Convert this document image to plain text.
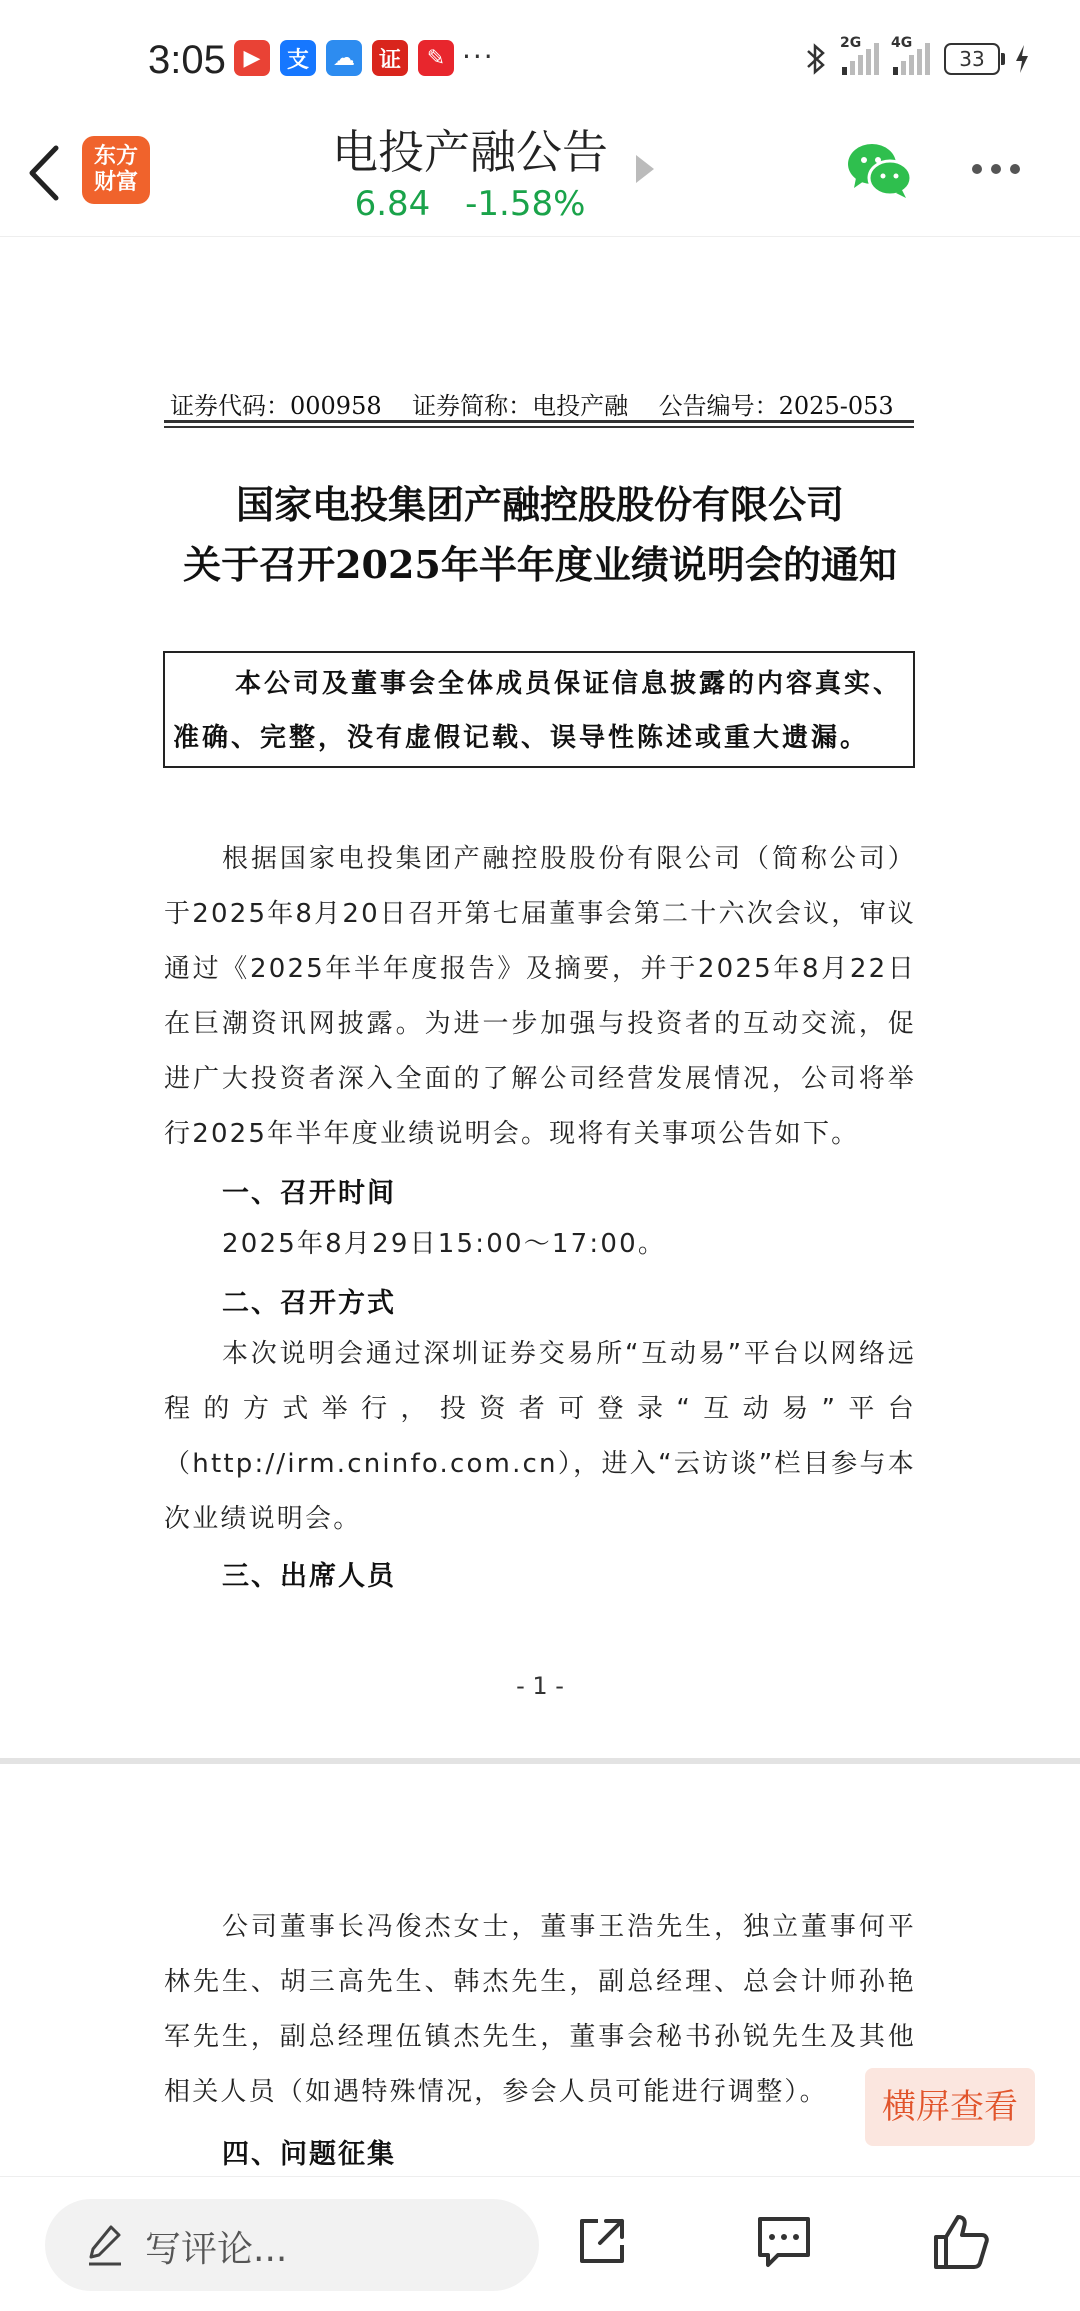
3:05 ▶	支	☁	证	✎ ···	2G 4G
33
东方
财富
电投产融公告
6.84 -1.58%
证券代码：000958    证券简称：电投产融    公告编号：2025-053
国家电投集团产融控股股份有限公司
关于召开2025年半年度业绩说明会的通知
本公司及董事会全体成员保证信息披露的内容真实、准确、完整，没有虚假记载、误导性陈述或重大遗漏。
根据国家电投集团产融控股股份有限公司（简称公司）于2025年8月20日召开第七届董事会第二十六次会议，审议通过《2025年半年度报告》及摘要，并于2025年8月22日在巨潮资讯网披露。为进一步加强与投资者的互动交流，促进广大投资者深入全面的了解公司经营发展情况，公司将举行2025年半年度业绩说明会。现将有关事项公告如下。
一、召开时间
2025年8月29日15:00～17:00。
二、召开方式
本次说明会通过深圳证券交易所“互动易”平台以网络远程的方式举行，投资者可登录“互动易”平台（http://irm.cninfo.com.cn），进入“云访谈”栏目参与本次业绩说明会。
三、出席人员
- 1 -
公司董事长冯俊杰女士，董事王浩先生，独立董事何平林先生、胡三高先生、韩杰先生，副总经理、总会计师孙艳军先生，副总经理伍镇杰先生，董事会秘书孙锐先生及其他相关人员（如遇特殊情况，参会人员可能进行调整）。
四、问题征集
横屏查看
写评论...
